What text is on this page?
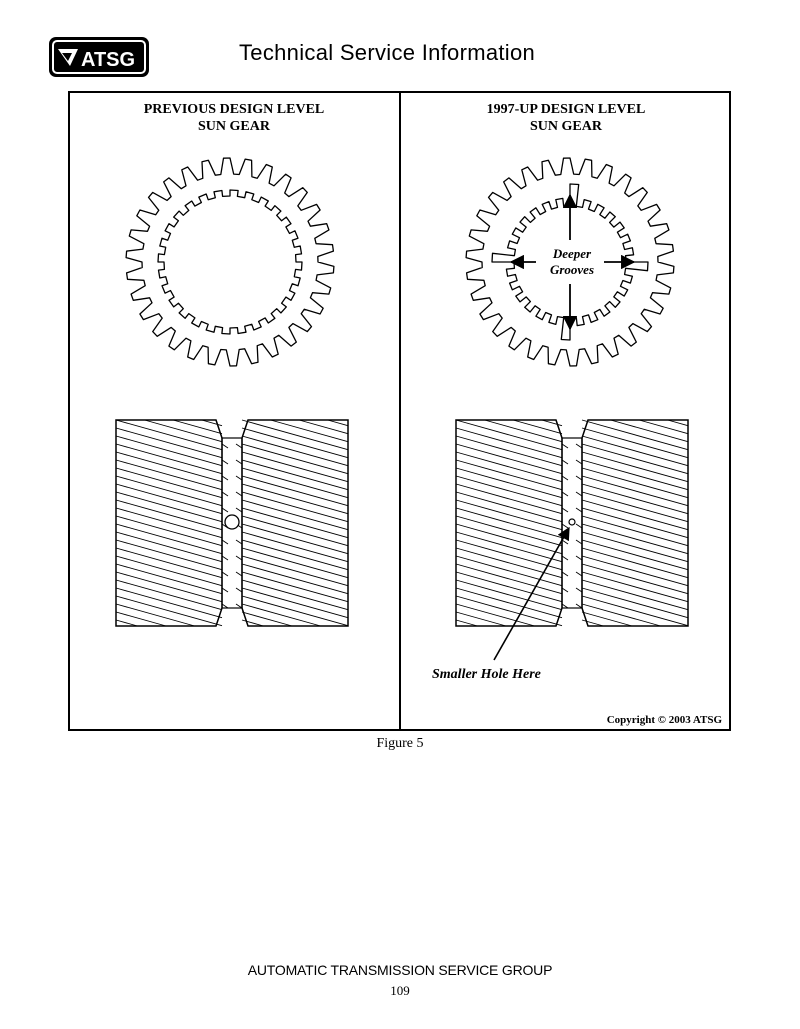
ATSG	Technical Service Information
PREVIOUS DESIGN LEVEL
SUN GEAR
1997-UP DESIGN LEVEL
SUN GEAR
Deeper
Grooves
Smaller Hole Here
Copyright © 2003 ATSG
Figure 5
AUTOMATIC TRANSMISSION SERVICE GROUP
109
